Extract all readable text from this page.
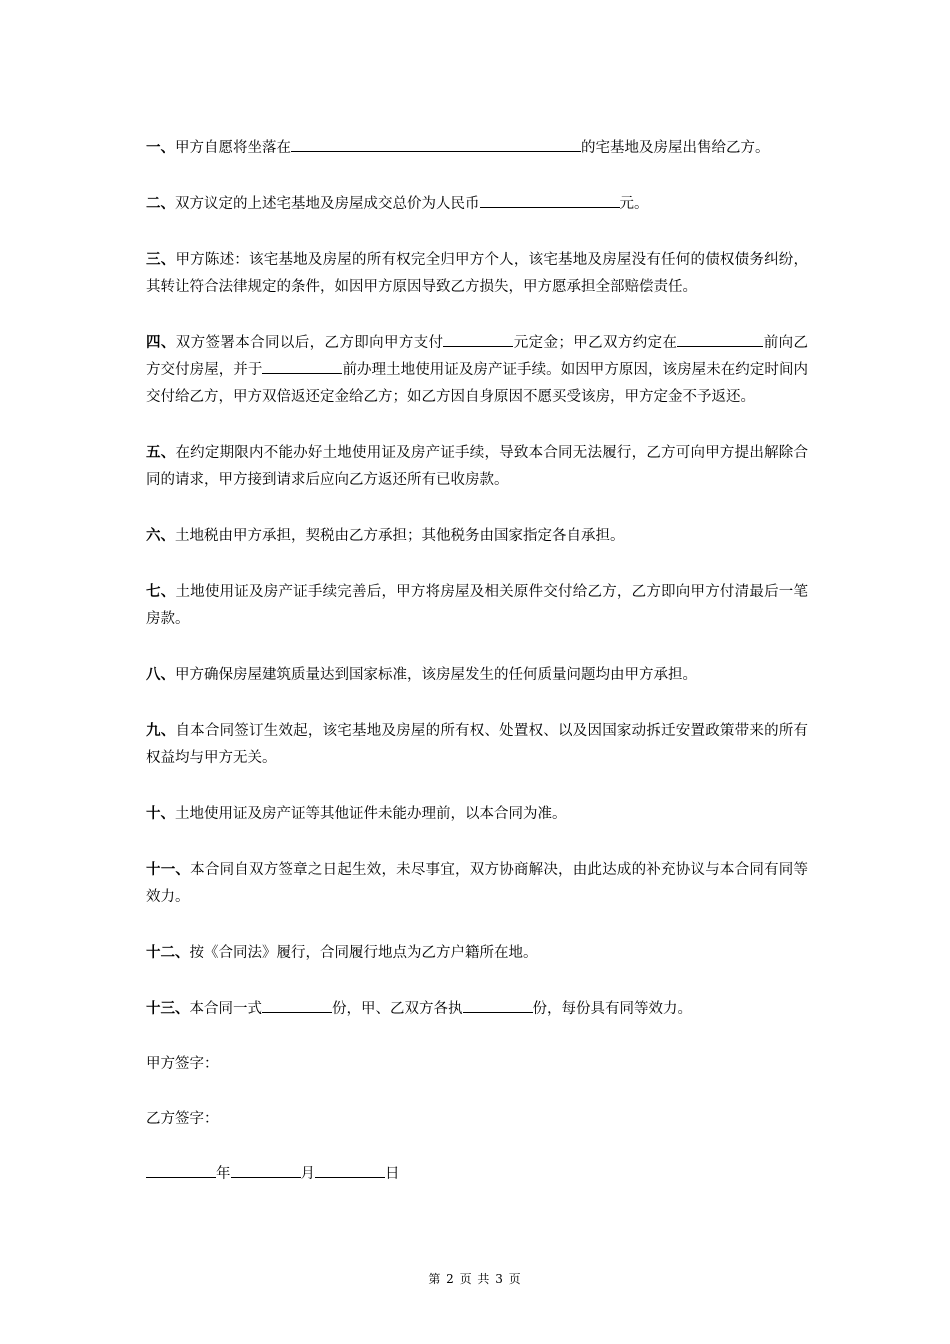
一、甲方自愿将坐落在	的宅基地及房屋出售给乙方。

二、双方议定的上述宅基地及房屋成交总价为人民币	元。

三、甲方陈述：该宅基地及房屋的所有权完全归甲方个人，该宅基地及房屋没有任何的债权债务纠纷，其转让符合法律规定的条件，如因甲方原因导致乙方损失，甲方愿承担全部赔偿责任。

四、双方签署本合同以后，乙方即向甲方支付	元定金；甲乙双方约定在	前向乙方交付房屋，并于	前办理土地使用证及房产证手续。如因甲方原因，该房屋未在约定时间内交付给乙方，甲方双倍返还定金给乙方；如乙方因自身原因不愿买受该房，甲方定金不予返还。

五、在约定期限内不能办好土地使用证及房产证手续，导致本合同无法履行，乙方可向甲方提出解除合同的请求，甲方接到请求后应向乙方返还所有已收房款。

六、土地税由甲方承担，契税由乙方承担；其他税务由国家指定各自承担。

七、土地使用证及房产证手续完善后，甲方将房屋及相关原件交付给乙方，乙方即向甲方付清最后一笔房款。

八、甲方确保房屋建筑质量达到国家标准，该房屋发生的任何质量问题均由甲方承担。

九、自本合同签订生效起，该宅基地及房屋的所有权、处置权、以及因国家动拆迁安置政策带来的所有权益均与甲方无关。

十、土地使用证及房产证等其他证件未能办理前，以本合同为准。

十一、本合同自双方签章之日起生效，未尽事宜，双方协商解决，由此达成的补充协议与本合同有同等效力。

十二、按《合同法》履行，合同履行地点为乙方户籍所在地。

十三、本合同一式	份，甲、乙双方各执	份，每份具有同等效力。

甲方签字：

乙方签字：

年	月	日

第 2 页 共 3 页
